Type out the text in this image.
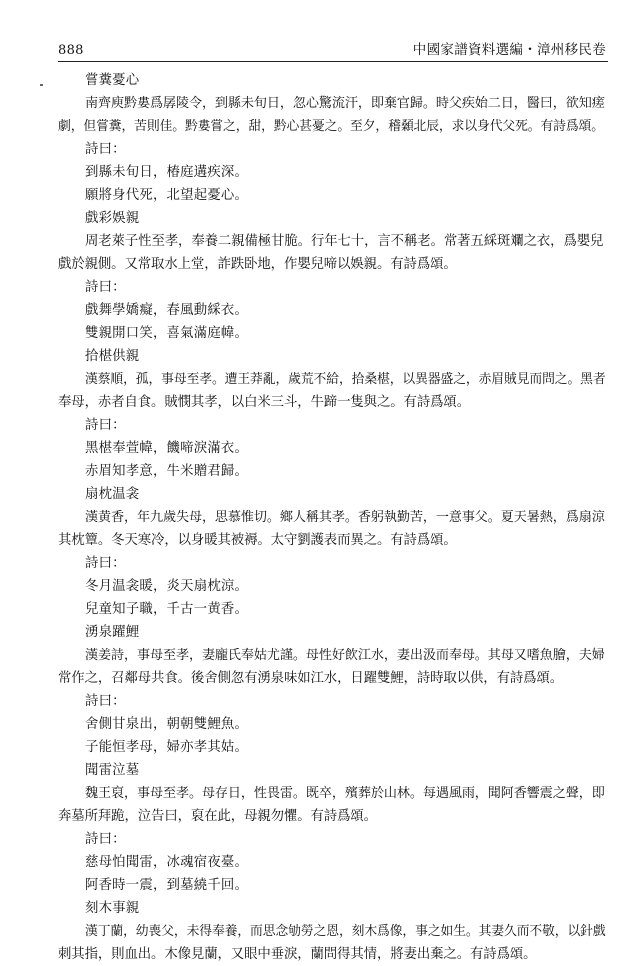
888	中國家譜資料選編・漳州移民卷
嘗糞憂心
南齊庾黔婁爲孱陵令，到縣未旬日，忽心驚流汗，即棄官歸。時父疾始二日，醫曰，欲知瘥
劇，但嘗糞，苦則佳。黔婁嘗之，甜，黔心甚憂之。至夕，稽顙北辰，求以身代父死。有詩爲頌。
詩曰：
到縣未旬日，椿庭遘疾深。
願將身代死，北望起憂心。
戲彩娛親
周老萊子性至孝，奉養二親備極甘脆。行年七十，言不稱老。常著五綵斑斕之衣，爲嬰兒
戲於親側。又常取水上堂，詐跌卧地，作嬰兒啼以娛親。有詩爲頌。
詩曰：
戲舞學嬌癡，春風動綵衣。
雙親開口笑，喜氣滿庭幃。
拾椹供親
漢蔡順，孤，事母至孝。遭王莽亂，歲荒不給，拾桑椹，以異器盛之，赤眉賊見而問之。黑者
奉母，赤者自食。賊憫其孝，以白米三斗，牛蹄一隻與之。有詩爲頌。
詩曰：
黑椹奉萱幃，饑啼淚滿衣。
赤眉知孝意，牛米贈君歸。
扇枕温衾
漢黄香，年九歲失母，思慕惟切。鄉人稱其孝。香躬執勤苦，一意事父。夏天暑熱，爲扇涼
其枕簟。冬天寒冷，以身暖其被褥。太守劉護表而異之。有詩爲頌。
詩曰：
冬月温衾暖，炎天扇枕涼。
兒童知子職，千古一黄香。
湧泉躍鯉
漢姜詩，事母至孝，妻龐氏奉姑尤謹。母性好飲江水，妻出汲而奉母。其母又嗜魚膾，夫婦
常作之，召鄰母共食。後舍側忽有湧泉味如江水，日躍雙鯉，詩時取以供，有詩爲頌。
詩曰：
舍側甘泉出，朝朝雙鯉魚。
子能恒孝母，婦亦孝其姑。
聞雷泣墓
魏王裒，事母至孝。母存日，性畏雷。既卒，殯葬於山林。每遇風雨，聞阿香響震之聲，即
奔墓所拜跪，泣告曰，裒在此，母親勿懼。有詩爲頌。
詩曰：
慈母怕聞雷，冰魂宿夜臺。
阿香時一震，到墓繞千回。
刻木事親
漢丁蘭，幼喪父，未得奉養，而思念劬勞之恩，刻木爲像，事之如生。其妻久而不敬，以針戲
刺其指，則血出。木像見蘭，又眼中垂淚，蘭問得其情，將妻出棄之。有詩爲頌。
